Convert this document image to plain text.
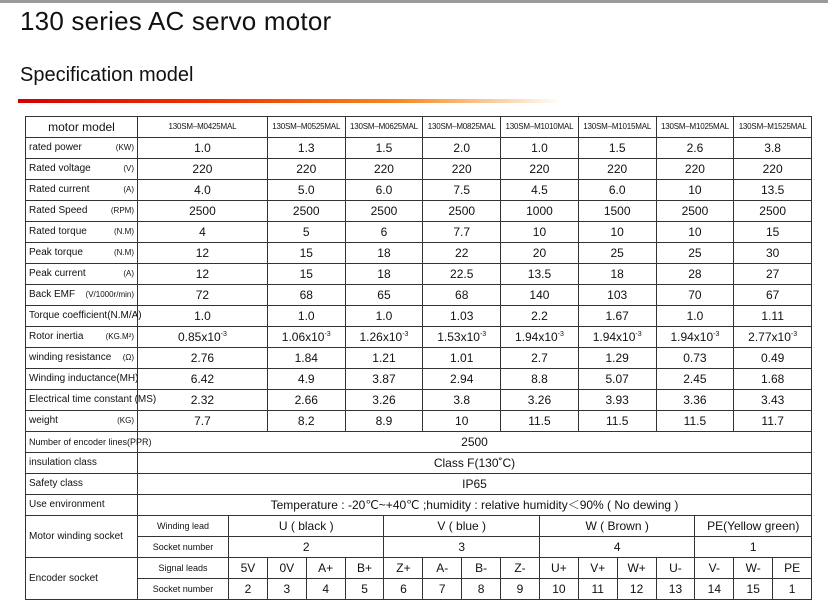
130 series AC servo motor
Specification model
motor model	130SM–M0425MAL		130SM–M0525MAL		130SM–M0625MAL		130SM–M0825MAL		130SM–M1010MAL		130SM–M1015MAL		130SM–M1025MAL		130SM–M1525MAL	
rated power (KW)	1.0		1.3		1.5		2.0		1.0		1.5		2.6		3.8	
Rated voltage (V)	220		220		220		220		220		220		220		220	
Rated current (A)	4.0		5.0		6.0		7.5		4.5		6.0		10		13.5	
Rated Speed (RPM)	2500		2500		2500		2500		1000		1500		2500		2500	
Rated torque (N.M)	4		5		6		7.7		10		10		10		15	
Peak torque (N.M)	12		15		18		22		20		25		25		30	
Peak current (A)	12		15		18		22.5		13.5		18		28		27	
Back EMF (V/1000r/min)	72		68		65		68		140		103		70		67	
Torque coefficient(N.M/A)	1.0		1.0		1.0		1.03		2.2		1.67		1.0		1.11	
Rotor inertia (KG.M²)	$0.85x10^{-3}$		$1.06x10^{-3}$		$1.26x10^{-3}$		$1.53x10^{-3}$		$1.94x10^{-3}$		$1.94x10^{-3}$		$1.94x10^{-3}$		$2.77x10^{-3}$
winding resistance (Ω)	2.76		1.84		1.21		1.01		2.7		1.29		0.73		0.49	
Winding inductance(MH)	6.42		4.9		3.87		2.94		8.8		5.07		2.45		1.68	
Electrical time constant (MS)	2.32		2.66		3.26		3.8		3.26		3.93		3.36		3.43	
weight (KG)	7.7		8.2		8.9		10		11.5		11.5		11.5		11.7	
Number of encoder lines(PPR)	2500															
insulation class	Class F(130˚C)															
Safety class	IP65															
Use environment	Temperature : -20℃~+40℃ ;humidity : relative humidity＜90% ( No dewing )															
Motor winding socket	Winding lead	U ( black )				V ( blue )				W ( Brown )				PE(Yellow green)		
	Socket number	2				3				4				1		
Encoder socket	Signal leads	5V	0V	A+	B+	Z+	A-	B-	Z-	U+	V+	W+	U-	V-	W-	PE
	Socket number	2	3	4	5	6	7	8	9	10	11	12	13	14	15	1
